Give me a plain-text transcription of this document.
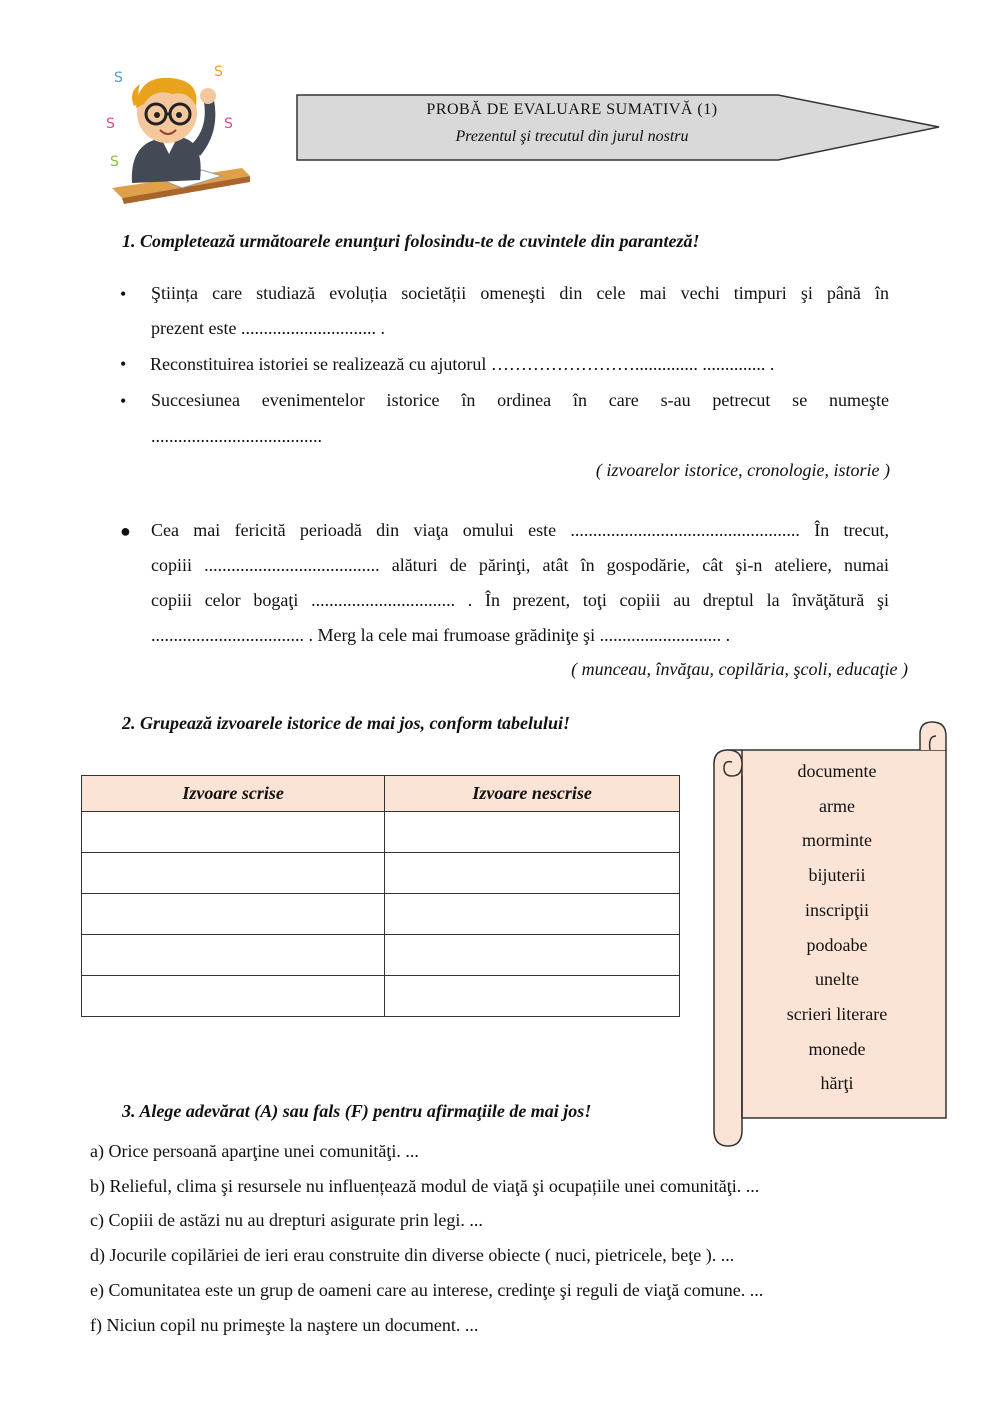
S
S
S
S
S
PROBĂ DE EVALUARE SUMATIVĂ (1)
Prezentul şi trecutul din jurul nostru
1. Completează următoarele enunţuri folosindu-te de cuvintele din paranteză!
• Ştiința care studiază evoluția societății omeneşti din cele mai vechi timpuri şi până în
prezent este .............................. .
• Reconstituirea istoriei se realizează cu ajutorul …………………….............. .............. .
• Succesiunea evenimentelor istorice în ordinea în care s-au petrecut se numeşte
......................................
( izvoarelor istorice, cronologie, istorie )
● Cea mai fericită perioadă din viaţa omului este ................................................... În trecut,
copiii ....................................... alături de părinţi, atât în gospodărie, cât şi-n ateliere, numai
copiii celor bogaţi ................................ . În prezent, toţi copiii au dreptul la învăţătură şi
.................................. . Merg la cele mai frumoase grădiniţe şi ........................... .
( munceau, învăţau, copilăria, şcoli, educaţie )
2. Grupează izvoarele istorice de mai jos, conform tabelului!
Izvoare scrise	Izvoare nescrise

documente
arme
morminte
bijuterii
inscripţii
podoabe
unelte
scrieri literare
monede
hărţi
3. Alege adevărat (A) sau fals (F) pentru afirmaţiile de mai jos!
a) Orice persoană aparţine unei comunităţi. ...
b) Relieful, clima şi resursele nu influențează modul de viaţă şi ocupațiile unei comunităţi. ...
c) Copiii de astăzi nu au drepturi asigurate prin legi. ...
d) Jocurile copilăriei de ieri erau construite din diverse obiecte ( nuci, pietricele, beţe ). ...
e) Comunitatea este un grup de oameni care au interese, credinţe şi reguli de viaţă comune. ...
f) Niciun copil nu primeşte la naştere un document. ...
